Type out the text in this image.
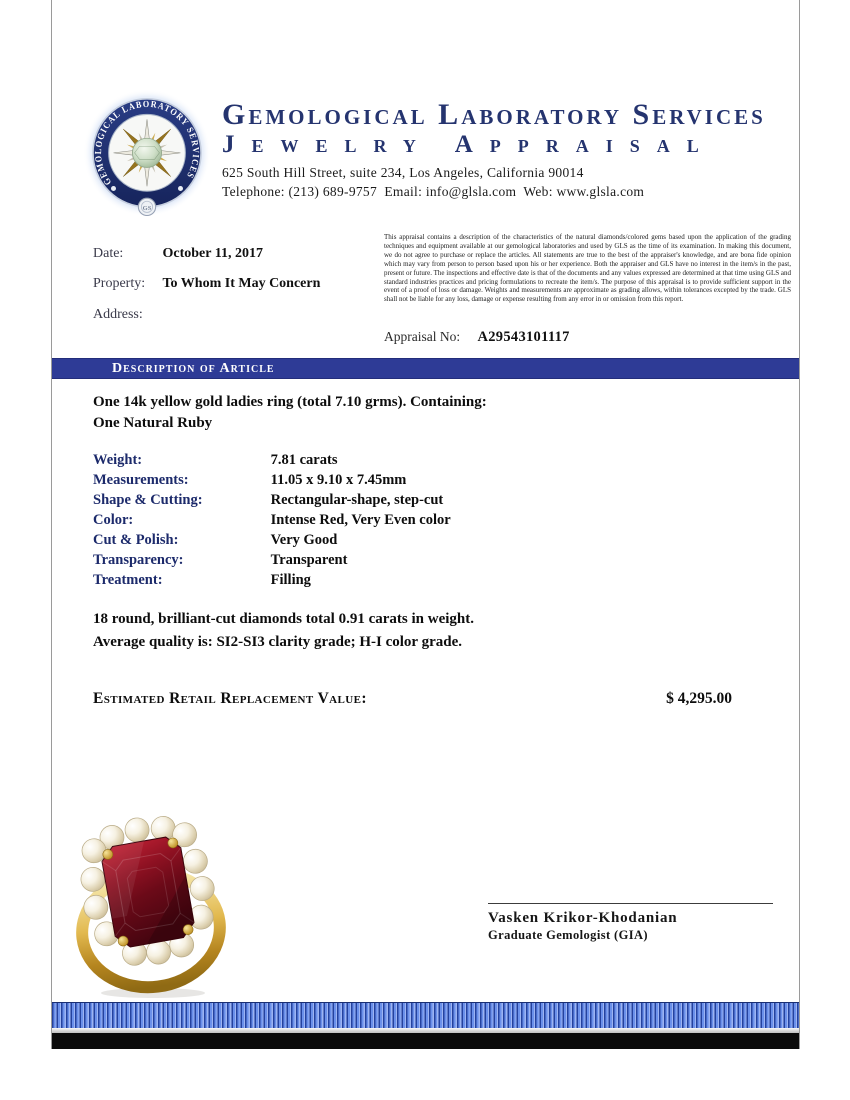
GEMOLOGICAL LABORATORY SERVICES
GS
Gemological Laboratory Services
Jewelry Appraisal
625 South Hill Street, suite 234, Los Angeles, California 90014
Telephone: (213) 689-9757  Email: info@glsla.com  Web: www.glsla.com
Date:	October 11, 2017
Property: To Whom It May Concern
Address:
This appraisal contains a description of the characteristics of the natural diamonds/colored gems based upon the application of the grading techniques and equipment available at our gemological laboratories and used by GLS as the time of its examination. In making this document, we do not agree to purchase or replace the articles. All statements are true to the best of the appraiser's knowledge, and are bona fide opinion which may vary from person to person based upon his or her experience. Both the appraiser and GLS have no interest in the item/s in the past, present or future. The inspections and effective date is that of the documents and any values expressed are determined at that time using GLS and standard industries practices and pricing formulations to recreate the item/s. The purpose of this appraisal is to provide sufficient support in the event of a proof of loss or damage. Weights and measurements are approximate as grading allows, within tolerances excepted by the trade. GLS shall not be liable for any loss, damage or expense resulting from any error in or omission from this report.
Appraisal No: A29543101117
Description of Article
One 14k yellow gold ladies ring (total 7.10 grms). Containing:
One Natural Ruby
Weight:	7.81 carats
Measurements:	11.05 x 9.10 x 7.45mm
Shape & Cutting:	Rectangular-shape, step-cut
Color:	Intense Red, Very Even color
Cut & Polish:	Very Good
Transparency:	Transparent
Treatment:	Filling
18 round, brilliant-cut diamonds total 0.91 carats in weight.
Average quality is: SI2-SI3 clarity grade; H-I color grade.
Estimated Retail Replacement Value:	$ 4,295.00
Vasken Krikor-Khodanian
Graduate Gemologist (GIA)
